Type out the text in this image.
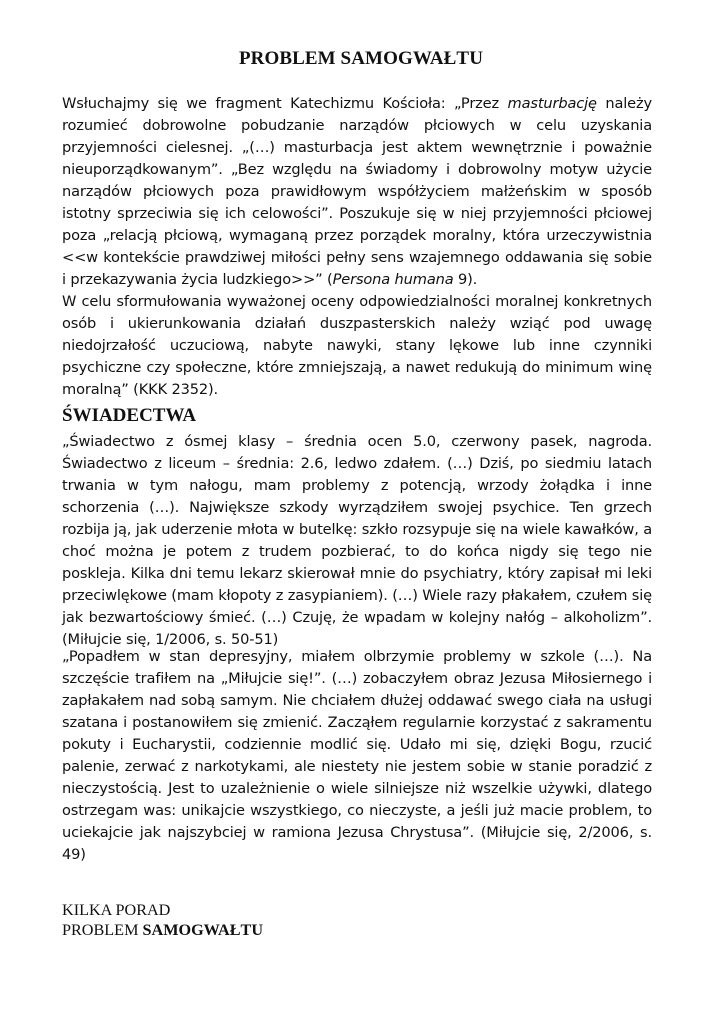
PROBLEM SAMOGWAŁTU

Wsłuchajmy się we fragment Katechizmu Kościoła: „Przez masturbację należy rozumieć dobrowolne pobudzanie narządów płciowych w celu uzyskania przyjemności cielesnej. „(…) masturbacja jest aktem wewnętrznie i poważnie nieuporządkowanym”. „Bez względu na świadomy i dobrowolny motyw użycie narządów płciowych poza prawidłowym współżyciem małżeńskim w sposób istotny sprzeciwia się ich celowości”. Poszukuje się w niej przyjemności płciowej poza „relacją płciową, wymaganą przez porządek moralny, która urzeczywistnia <<w kontekście prawdziwej miłości pełny sens wzajemnego oddawania się sobie i przekazywania życia ludzkiego>>” (Persona humana 9).

W celu sformułowania wyważonej oceny odpowiedzialności moralnej konkretnych osób i ukierunkowania działań duszpasterskich należy wziąć pod uwagę niedojrzałość uczuciową, nabyte nawyki, stany lękowe lub inne czynniki psychiczne czy społeczne, które zmniejszają, a nawet redukują do minimum winę moralną” (KKK 2352).

ŚWIADECTWA

„Świadectwo z ósmej klasy – średnia ocen 5.0, czerwony pasek, nagroda. Świadectwo z liceum – średnia: 2.6, ledwo zdałem. (…) Dziś, po siedmiu latach trwania w tym nałogu, mam problemy z potencją, wrzody żołądka i inne schorzenia (…). Największe szkody wyrządziłem swojej psychice. Ten grzech rozbija ją, jak uderzenie młota w butelkę: szkło rozsypuje się na wiele kawałków, a choć można je potem z trudem pozbierać, to do końca nigdy się tego nie poskleja. Kilka dni temu lekarz skierował mnie do psychiatry, który zapisał mi leki przeciwlękowe (mam kłopoty z zasypianiem). (…) Wiele razy płakałem, czułem się jak bezwartościowy śmieć. (…) Czuję, że wpadam w kolejny nałóg – alkoholizm”. (Miłujcie się, 1/2006, s. 50-51)

„Popadłem w stan depresyjny, miałem olbrzymie problemy w szkole (…). Na szczęście trafiłem na „Miłujcie się!”. (…) zobaczyłem obraz Jezusa Miłosiernego i zapłakałem nad sobą samym. Nie chciałem dłużej oddawać swego ciała na usługi szatana i postanowiłem się zmienić. Zacząłem regularnie korzystać z sakramentu pokuty i Eucharystii, codziennie modlić się. Udało mi się, dzięki Bogu, rzucić palenie, zerwać z narkotykami, ale niestety nie jestem sobie w stanie poradzić z nieczystością. Jest to uzależnienie o wiele silniejsze niż wszelkie używki, dlatego ostrzegam was: unikajcie wszystkiego, co nieczyste, a jeśli już macie problem, to uciekajcie jak najszybciej w ramiona Jezusa Chrystusa”. (Miłujcie się, 2/2006, s. 49)

KILKA PORAD
PROBLEM SAMOGWAŁTU
